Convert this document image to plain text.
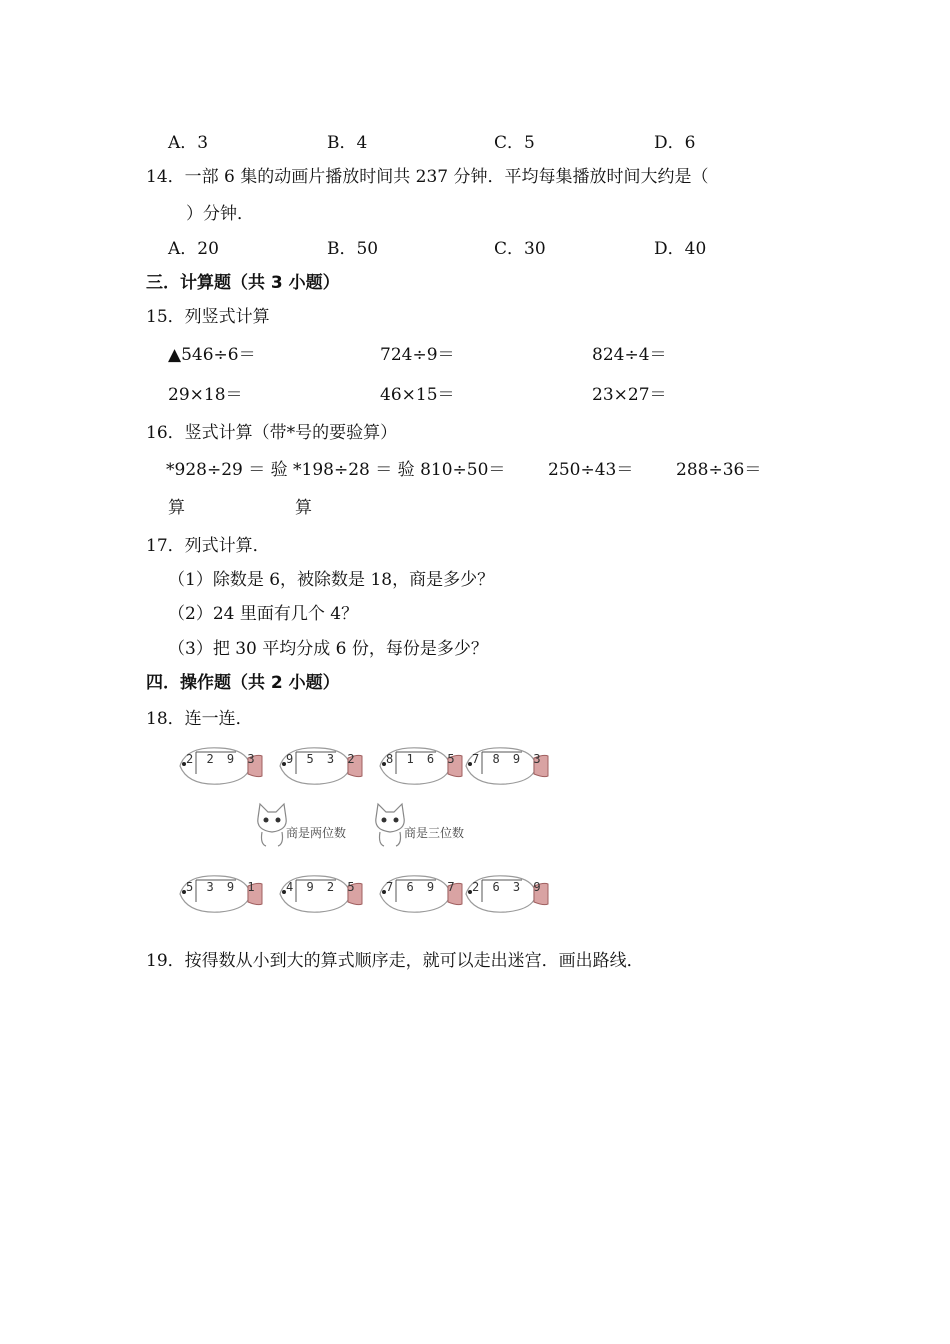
A．3	B．4	C．5	D．6
14．一部 6 集的动画片播放时间共 237 分钟．平均每集播放时间大约是（
）分钟．
A．20	B．50	C．30	D．40
三．计算题（共 3 小题）
15．列竖式计算
▲546÷6＝	724÷9＝	824÷4＝
29×18＝	46×15＝	23×27＝
16．竖式计算（带*号的要验算）
*928÷29 ＝ 验 *198÷28 ＝ 验 810÷50＝	250÷43＝	288÷36＝
算	算
17．列式计算．
（1）除数是 6，被除数是 18，商是多少？
（2）24 里面有几个 4？
（3）把 30 平均分成 6 份，每份是多少？
四．操作题（共 2 小题）
18．连一连．
2 2 9 3 9 5 3 2 8 1 6 5 7 8 9 3
5 3 9 1 4 9 2 5 7 6 9 7 2 6 3 9
商是两位数	商是三位数
19．按得数从小到大的算式顺序走，就可以走出迷宫．画出路线．
